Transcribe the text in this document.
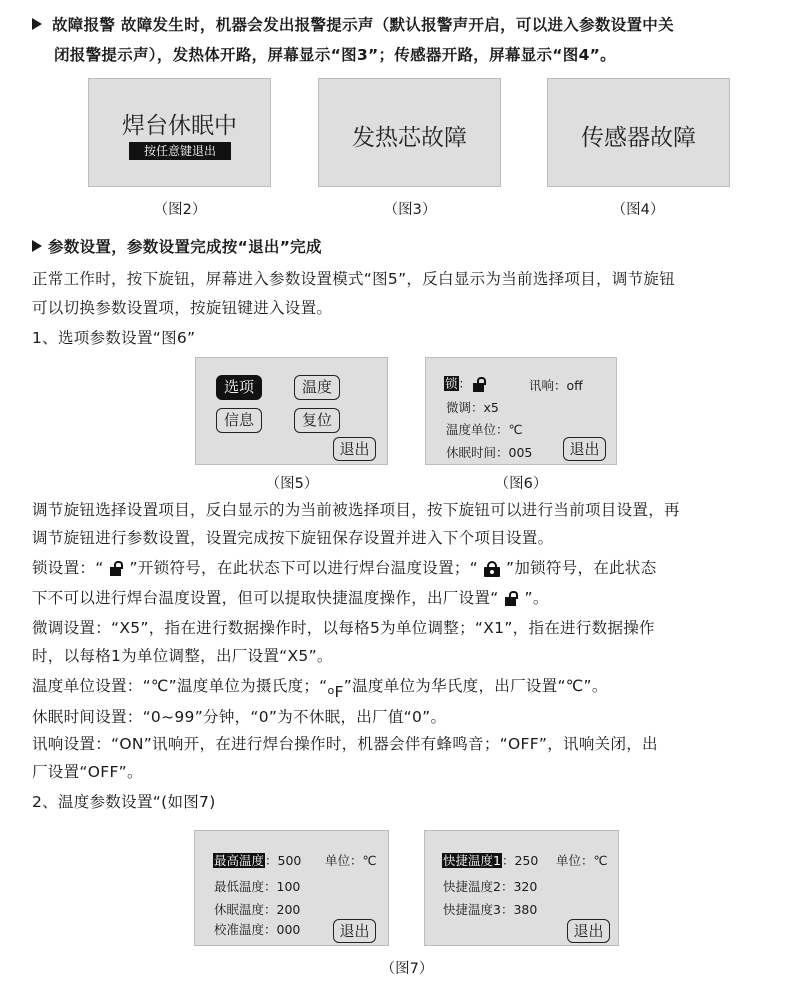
故障报警 故障发生时，机器会发出报警提示声（默认报警声开启，可以进入参数设置中关
闭报警提示声），发热体开路，屏幕显示“图3”；传感器开路，屏幕显示“图4”。
焊台休眠中
按任意键退出
（图2）
发热芯故障
（图3）
传感器故障
（图4）
参数设置，参数设置完成按“退出”完成
正常工作时，按下旋钮，屏幕进入参数设置模式“图5”，反白显示为当前选择项目，调节旋钮
可以切换参数设置项，按旋钮键进入设置。
1、选项参数设置“图6”
选项	温度
信息	复位
退出
（图5）
锁：	讯响：off
微调：x5
温度单位：℃
休眠时间：005	退出
（图6）
调节旋钮选择设置项目，反白显示的为当前被选择项目，按下旋钮可以进行当前项目设置，再
调节旋钮进行参数设置，设置完成按下旋钮保存设置并进入下个项目设置。
锁设置：“ ”开锁符号，在此状态下可以进行焊台温度设置；“ ”加锁符号，在此状态
下不可以进行焊台温度设置，但可以提取快捷温度操作，出厂设置“ ”。
微调设置：“X5”，指在进行数据操作时，以每格5为单位调整；“X1”，指在进行数据操作
时，以每格1为单位调整，出厂设置“X5”。
温度单位设置：“℃”温度单位为摄氏度；“oF”温度单位为华氏度，出厂设置“℃”。
休眠时间设置：“0~99”分钟，“0”为不休眠，出厂值“0”。
讯响设置：“ON”讯响开，在进行焊台操作时，机器会伴有蜂鸣音；“OFF”，讯响关闭，出
厂设置“OFF”。
2、温度参数设置“(如图7)
最高温度：500 单位：℃
最低温度：100
休眠温度：200
校准温度：000	退出
快捷温度1：250 单位：℃
快捷温度2：320
快捷温度3：380
退出
（图7）
